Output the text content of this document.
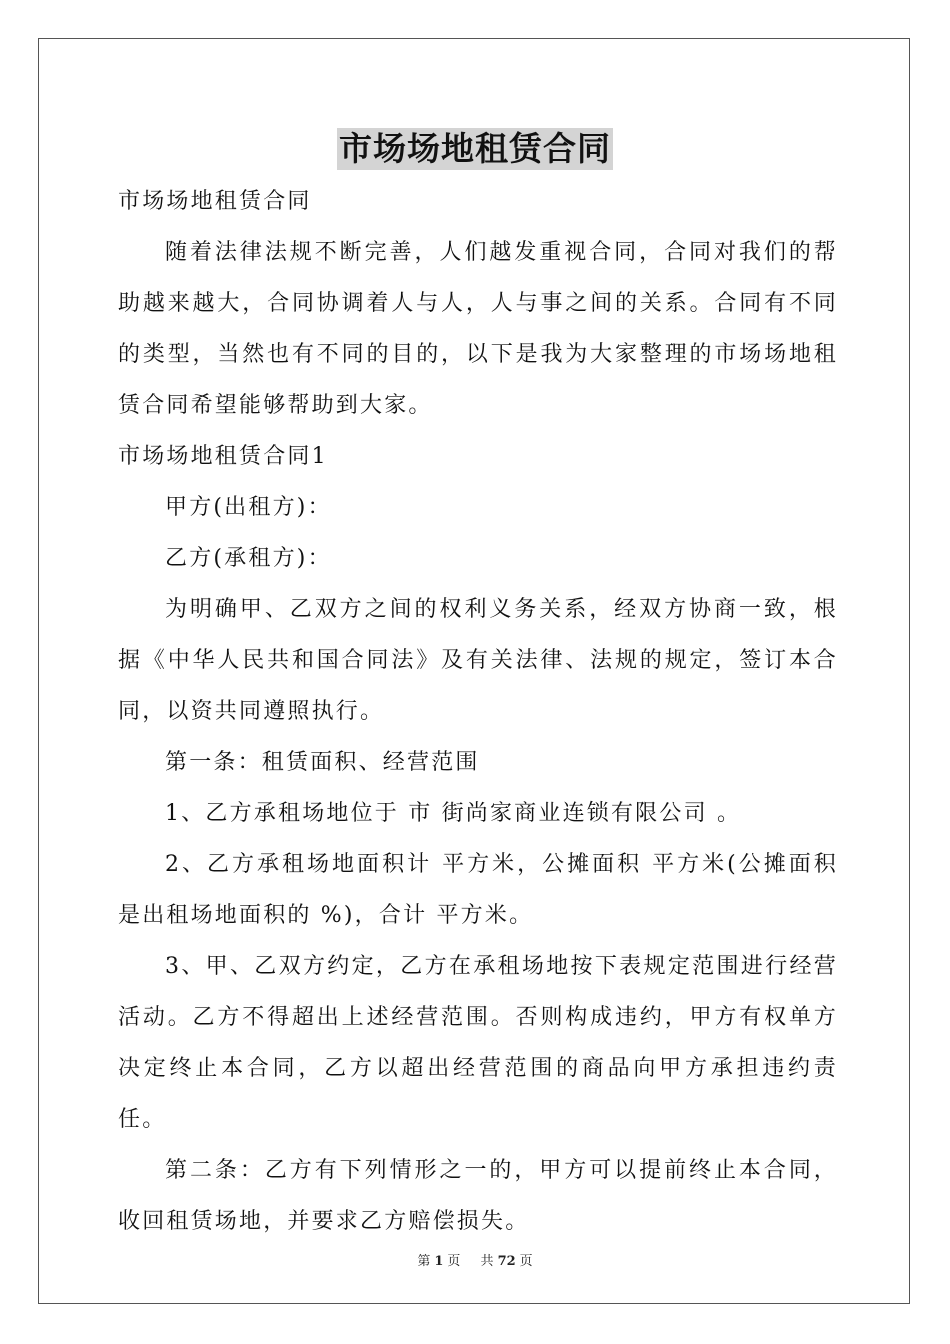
市场场地租赁合同

市场场地租赁合同

随着法律法规不断完善，人们越发重视合同，合同对我们的帮助越来越大，合同协调着人与人，人与事之间的关系。合同有不同的类型，当然也有不同的目的，以下是我为大家整理的市场场地租赁合同希望能够帮助到大家。

市场场地租赁合同1

甲方(出租方)：

乙方(承租方)：

为明确甲、乙双方之间的权利义务关系，经双方协商一致，根据《中华人民共和国合同法》及有关法律、法规的规定，签订本合同，以资共同遵照执行。

第一条：租赁面积、经营范围

1、乙方承租场地位于 市 街尚家商业连锁有限公司 。

2、乙方承租场地面积计 平方米，公摊面积 平方米(公摊面积是出租场地面积的 %)，合计 平方米。

3、甲、乙双方约定，乙方在承租场地按下表规定范围进行经营活动。乙方不得超出上述经营范围。否则构成违约，甲方有权单方决定终止本合同，乙方以超出经营范围的商品向甲方承担违约责任。

第二条：乙方有下列情形之一的，甲方可以提前终止本合同，收回租赁场地，并要求乙方赔偿损失。

第 1 页 共 72 页
